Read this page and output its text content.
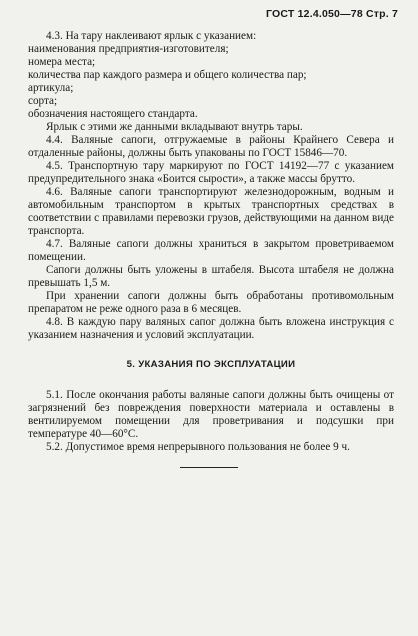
ГОСТ 12.4.050—78 Стр. 7

4.3. На тару наклеивают ярлык с указанием:

наименования предприятия-изготовителя;

номера места;

количества пар каждого размера и общего количества пар;

артикула;

сорта;

обозначения настоящего стандарта.

Ярлык с этими же данными вкладывают внутрь тары.

4.4. Валяные сапоги, отгружаемые в районы Крайнего Севера и отдаленные районы, должны быть упакованы по ГОСТ 15846—70.

4.5. Транспортную тару маркируют по ГОСТ 14192—77 с указанием предупредительного знака «Боится сырости», а также массы брутто.

4.6. Валяные сапоги транспортируют железнодорожным, водным и автомобильным транспортом в крытых транспортных средствах в соответствии с правилами перевозки грузов, действующими на данном виде транспорта.

4.7. Валяные сапоги должны храниться в закрытом проветриваемом помещении.

Сапоги должны быть уложены в штабеля. Высота штабеля не должна превышать 1,5 м.

При хранении сапоги должны быть обработаны противомольным препаратом не реже одного раза в 6 месяцев.

4.8. В каждую пару валяных сапог должна быть вложена инструкция с указанием назначения и условий эксплуатации.

5. УКАЗАНИЯ ПО ЭКСПЛУАТАЦИИ

5.1. После окончания работы валяные сапоги должны быть очищены от загрязнений без повреждения поверхности материала и оставлены в вентилируемом помещении для проветривания и подсушки при температуре 40—60°С.

5.2. Допустимое время непрерывного пользования не более 9 ч.
